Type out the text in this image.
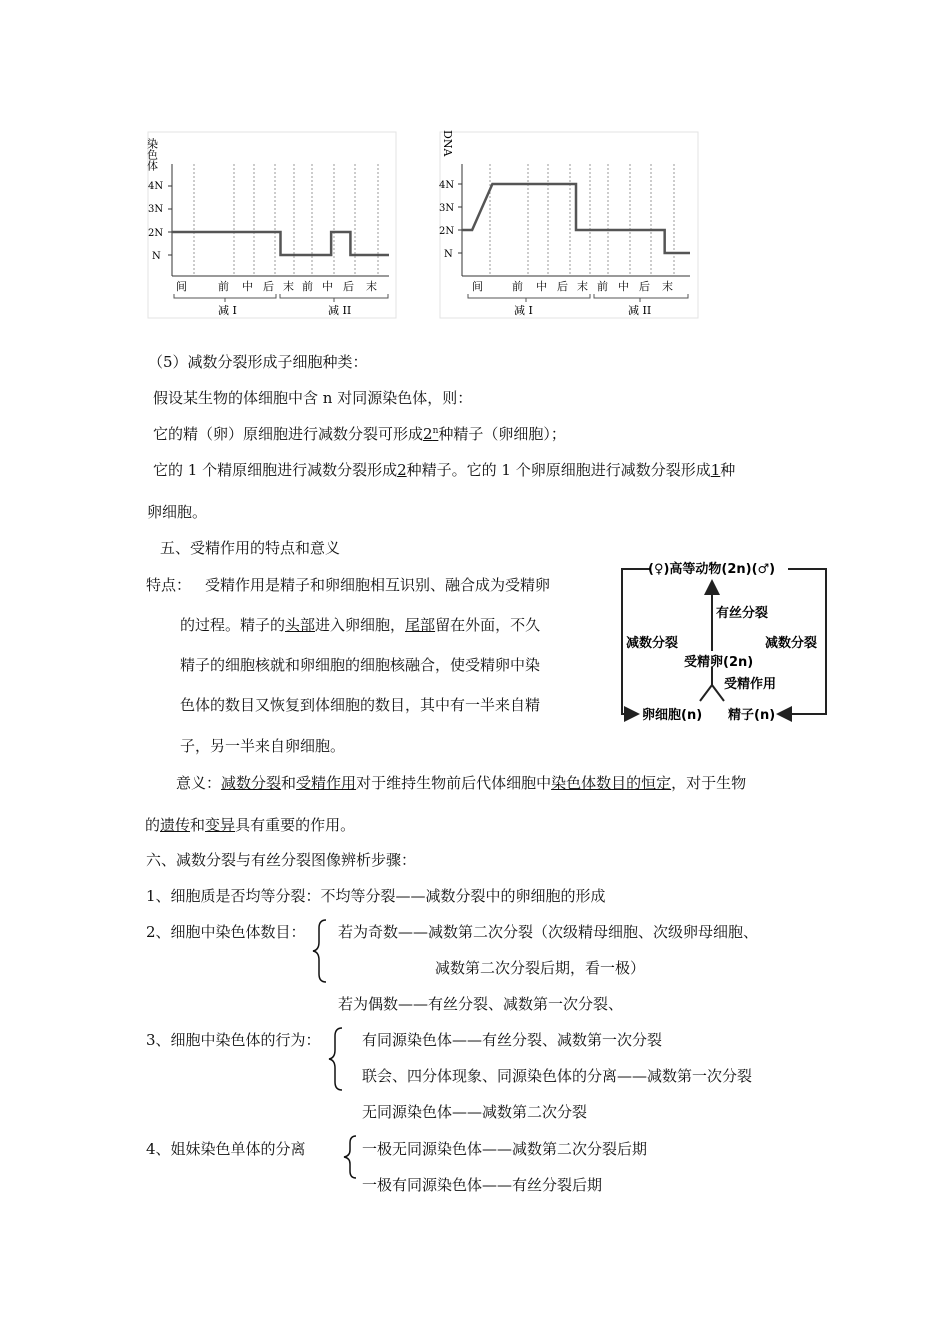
染色体
4N
3N
2N
N
间	前 中 后 末 前 中 后 末
减 I	减 II
DNA
4N
3N
2N
N
间	前 中 后 末 前 中 后 末
减 I	减 II
（5）减数分裂形成子细胞种类：
假设某生物的体细胞中含 n 对同源染色体，则：
它的精（卵）原细胞进行减数分裂可形成2$^n$种精子（卵细胞）；
它的 1 个精原细胞进行减数分裂形成2种精子。它的 1 个卵原细胞进行减数分裂形成1种
卵细胞。
五、受精作用的特点和意义
特点： 受精作用是精子和卵细胞相互识别、融合成为受精卵
的过程。精子的头部进入卵细胞，尾部留在外面，不久
精子的细胞核就和卵细胞的细胞核融合，使受精卵中染
色体的数目又恢复到体细胞的数目，其中有一半来自精
子，另一半来自卵细胞。
意义：减数分裂和受精作用对于维持生物前后代体细胞中染色体数目的恒定，对于生物
的遗传和变异具有重要的作用。
(♀)高等动物(2n)(♂)
有丝分裂
减数分裂	减数分裂
受精卵(2n)
受精作用
卵细胞(n) 精子(n)
六、减数分裂与有丝分裂图像辨析步骤：
1、细胞质是否均等分裂：不均等分裂——减数分裂中的卵细胞的形成
2、细胞中染色体数目： 若为奇数——减数第二次分裂（次级精母细胞、次级卵母细胞、
减数第二次分裂后期，看一极）
若为偶数——有丝分裂、减数第一次分裂、
3、细胞中染色体的行为：	有同源染色体——有丝分裂、减数第一次分裂
联会、四分体现象、同源染色体的分离——减数第一次分裂
无同源染色体——减数第二次分裂
4、姐妹染色单体的分离	一极无同源染色体——减数第二次分裂后期
一极有同源染色体——有丝分裂后期
